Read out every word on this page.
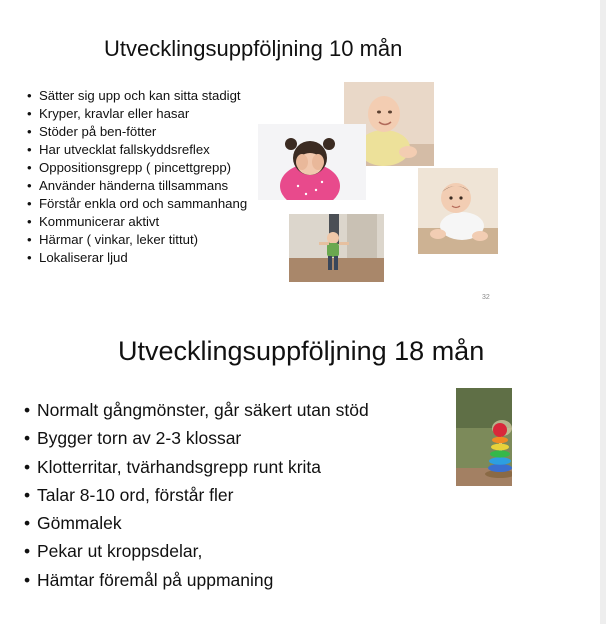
Utvecklingsuppföljning 10 mån
• Sätter sig upp och kan sitta stadigt
• Kryper, kravlar eller hasar
• Stöder på ben-fötter
• Har utvecklat fallskyddsreflex
• Oppositionsgrepp ( pincettgrepp)
• Använder händerna tillsammans
• Förstår enkla ord och sammanhang
• Kommunicerar aktivt
• Härmar ( vinkar, leker tittut)
• Lokaliserar ljud
32
Utvecklingsuppföljning 18 mån
• Normalt gångmönster, går säkert utan stöd
• Bygger torn av 2-3 klossar
• Klotterritar, tvärhandsgrepp runt krita
• Talar 8-10 ord, förstår fler
• Gömmalek
• Pekar ut kroppsdelar,
• Hämtar föremål på uppmaning
